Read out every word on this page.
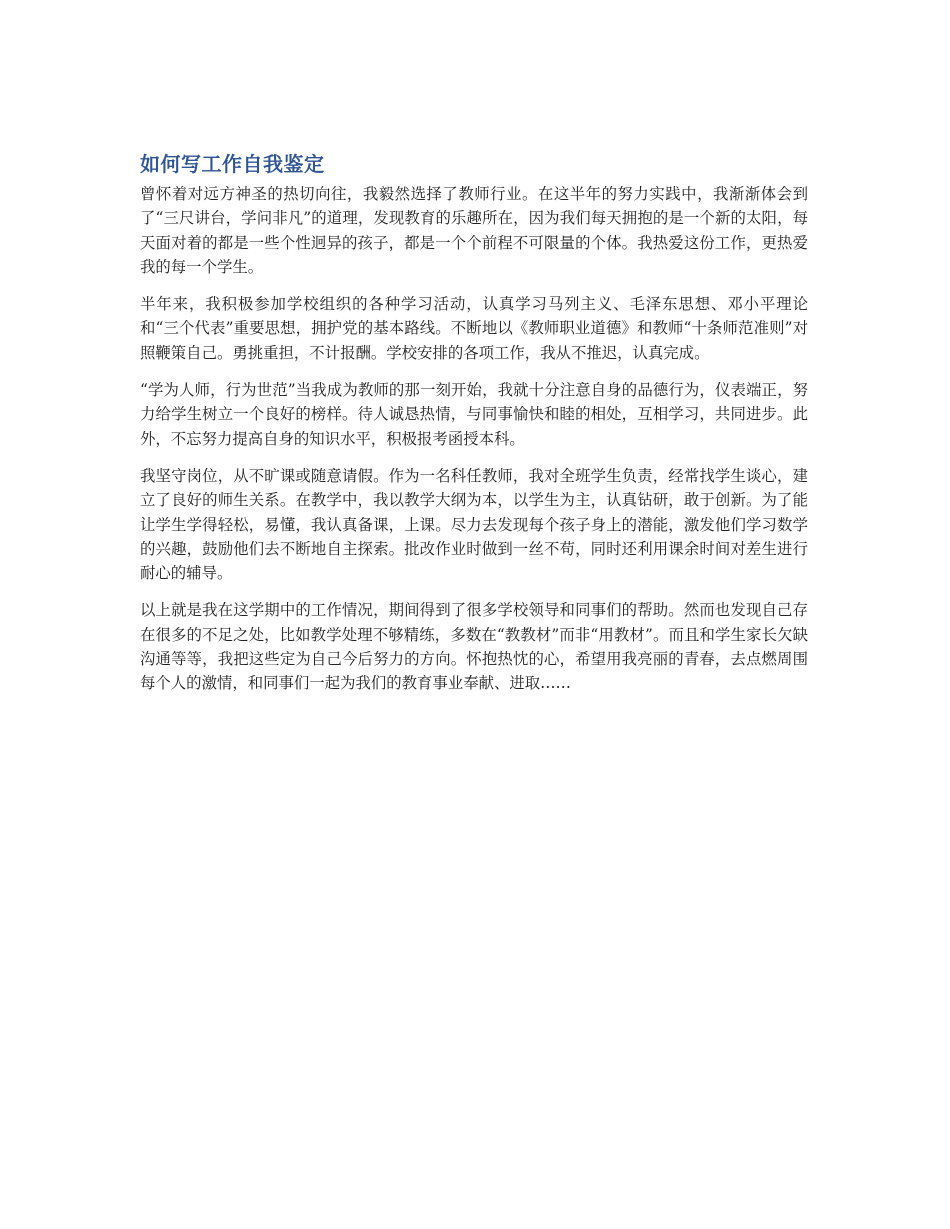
如何写工作自我鉴定

曾怀着对远方神圣的热切向往，我毅然选择了教师行业。在这半年的努力实践中，我渐渐体会到了“三尺讲台，学问非凡”的道理，发现教育的乐趣所在，因为我们每天拥抱的是一个新的太阳，每天面对着的都是一些个性迥异的孩子，都是一个个前程不可限量的个体。我热爱这份工作，更热爱我的每一个学生。

半年来，我积极参加学校组织的各种学习活动，认真学习马列主义、毛泽东思想、邓小平理论和“三个代表”重要思想，拥护党的基本路线。不断地以《教师职业道德》和教师“十条师范准则”对照鞭策自己。勇挑重担，不计报酬。学校安排的各项工作，我从不推迟，认真完成。

“学为人师，行为世范”当我成为教师的那一刻开始，我就十分注意自身的品德行为，仪表端正，努力给学生树立一个良好的榜样。待人诚恳热情，与同事愉快和睦的相处，互相学习，共同进步。此外，不忘努力提高自身的知识水平，积极报考函授本科。

我坚守岗位，从不旷课或随意请假。作为一名科任教师，我对全班学生负责，经常找学生谈心，建立了良好的师生关系。在教学中，我以教学大纲为本，以学生为主，认真钻研，敢于创新。为了能让学生学得轻松，易懂，我认真备课，上课。尽力去发现每个孩子身上的潜能，激发他们学习数学的兴趣，鼓励他们去不断地自主探索。批改作业时做到一丝不苟，同时还利用课余时间对差生进行耐心的辅导。

以上就是我在这学期中的工作情况，期间得到了很多学校领导和同事们的帮助。然而也发现自己存在很多的不足之处，比如教学处理不够精练，多数在“教教材”而非“用教材”。而且和学生家长欠缺沟通等等，我把这些定为自己今后努力的方向。怀抱热忱的心，希望用我亮丽的青春，去点燃周围每个人的激情，和同事们一起为我们的教育事业奉献、进取……
